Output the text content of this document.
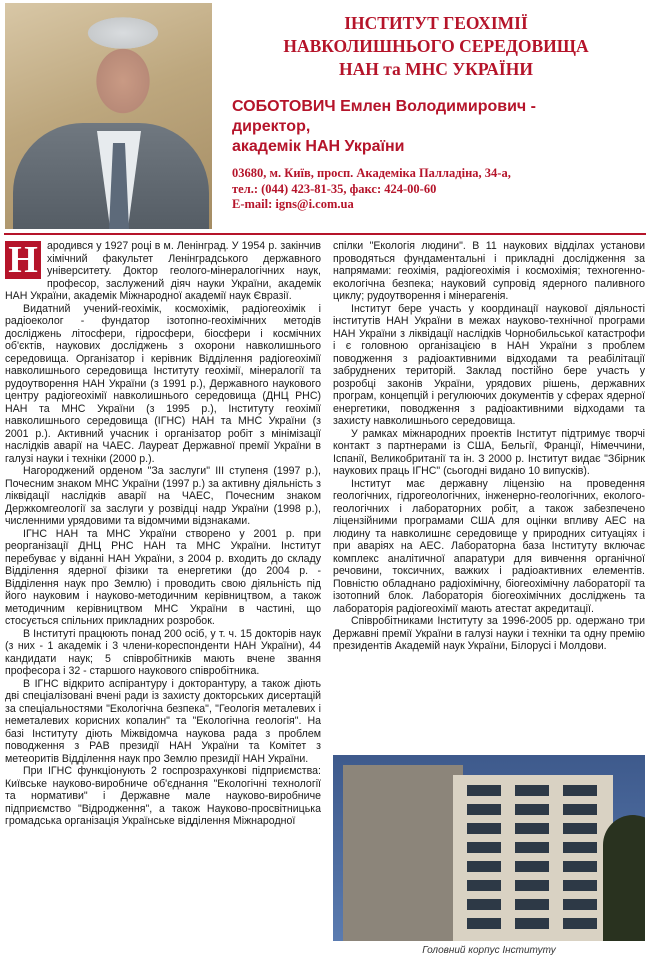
ІНСТИТУТ ГЕОХІМІЇ
НАВКОЛИШНЬОГО СЕРЕДОВИЩА
НАН та МНС УКРАЇНИ
СОБОТОВИЧ Емлен Володимирович -
директор,
академік НАН України
03680, м. Київ, просп. Академіка Палладіна, 34-а,
тел.: (044) 423-81-35, факс: 424-00-60
E-mail: igns@i.com.ua

Н ародився у 1927 році в м. Ленінград. У 1954 р. закінчив хімічний факультет Ленінградського державного університету. Доктор геолого-мінералогічних наук, професор, заслужений діяч науки України, академік НАН України, академік Міжнародної академії наук Євразії.

Видатний учений-геохімік, космохімік, радіогеохімік і радіоеколог - фундатор ізотопно-геохімічних методів досліджень літосфери, гідросфери, біосфери і космічних об'єктів, наукових досліджень з охорони навколишнього середовища. Організатор і керівник Відділення радіогеохімії навколишнього середовища Інституту геохімії, мінералогії та рудоутворення НАН України (з 1991 р.), Державного наукового центру радіогеохімії навколишнього середовища (ДНЦ РНС) НАН та МНС України (з 1995 р.), Інституту геохімії навколишнього середовища (ІГНС) НАН та МНС України (з 2001 р.). Активний учасник і організатор робіт з мінімізації наслідків аварії на ЧАЕС. Лауреат Державної премії України в галузі науки і техніки (2000 р.).

Нагороджений орденом "За заслуги" ІІІ ступеня (1997 р.), Почесним знаком МНС України (1997 р.) за активну діяльність з ліквідації наслідків аварії на ЧАЕС, Почесним знаком Держкомгеології за заслуги у розвідці надр України (1998 р.), численними урядовими та відомчими відзнаками.

ІГНС НАН та МНС України створено у 2001 р. при реорганізації ДНЦ РНС НАН та МНС України. Інститут перебуває у віданні НАН України, з 2004 р. входить до складу Відділення ядерної фізики та енергетики (до 2004 р. - Відділення наук про Землю) і проводить свою діяльність під його науковим і науково-методичним керівництвом, а також методичним керівництвом МНС України в частині, що стосується спільних прикладних розробок.

В Інституті працюють понад 200 осіб, у т. ч. 15 докторів наук (з них - 1 академік і 3 члени-кореспонденти НАН України), 44 кандидати наук; 5 співробітників мають вчене звання професора і 32 - старшого наукового співробітника.

В ІГНС відкрито аспірантуру і докторантуру, а також діють дві спеціалізовані вчені ради із захисту докторських дисертацій за спеціальностями "Екологічна безпека", "Геологія металевих і неметалевих корисних копалин" та "Екологічна геологія". На базі Інституту діють Міжвідомча наукова рада з проблем поводження з РАВ президії НАН України та Комітет з метеоритів Відділення наук про Землю президії НАН України.

При ІГНС функціонують 2 госпрозрахункові підприємства: Київське науково-виробниче об'єднання "Екологічні технології та нормативи" і Державне мале науково-виробниче підприємство "Відродження", а також Науково-просвітницька громадська організація Українське відділення Міжнародної

спілки "Екологія людини". В 11 наукових відділах установи проводяться фундаментальні і прикладні дослідження за напрямами: геохімія, радіогеохімія і космохімія; техногенно-екологічна безпека; науковий супровід ядерного паливного циклу; рудоутворення і мінерагенія.

Інститут бере участь у координації наукової діяльності інститутів НАН України в межах науково-технічної програми НАН України з ліквідації наслідків Чорнобильської катастрофи і є головною організацією в НАН України з проблем поводження з радіоактивними відходами та реабілітації забруднених територій. Заклад постійно бере участь у розробці законів України, урядових рішень, державних програм, концепцій і регулюючих документів у сферах ядерної енергетики, поводження з радіоактивними відходами та захисту навколишнього середовища.

У рамках міжнародних проектів Інститут підтримує творчі контакт з партнерами із США, Бельгії, Франції, Німеччини, Іспанії, Великобританії та ін. З 2000 р. Інститут видає "Збірник наукових праць ІГНС" (сьогодні видано 10 випусків).

Інститут має державну ліцензію на проведення геологічних, гідрогеологічних, інженерно-геологічних, еколого-геологічних і лабораторних робіт, а також забезпечено ліцензійними програмами США для оцінки впливу АЕС на людину та навколишнє середовище у природних ситуаціях і при аваріях на АЕС. Лабораторна база Інституту включає комплекс аналітичної апаратури для вивчення органічної речовини, токсичних, важких і радіоактивних елементів. Повністю обладнано радіохімічну, біогеохімічну лабораторії та ізотопний блок. Лабораторія біогеохімічних досліджень та лабораторія радіогеохімії мають атестат акредитації.

Співробітниками Інституту за 1996-2005 рр. одержано три Державні премії України в галузі науки і техніки та одну премію президентів Академій наук України, Білорусі і Молдови.

Головний корпус Інституту
